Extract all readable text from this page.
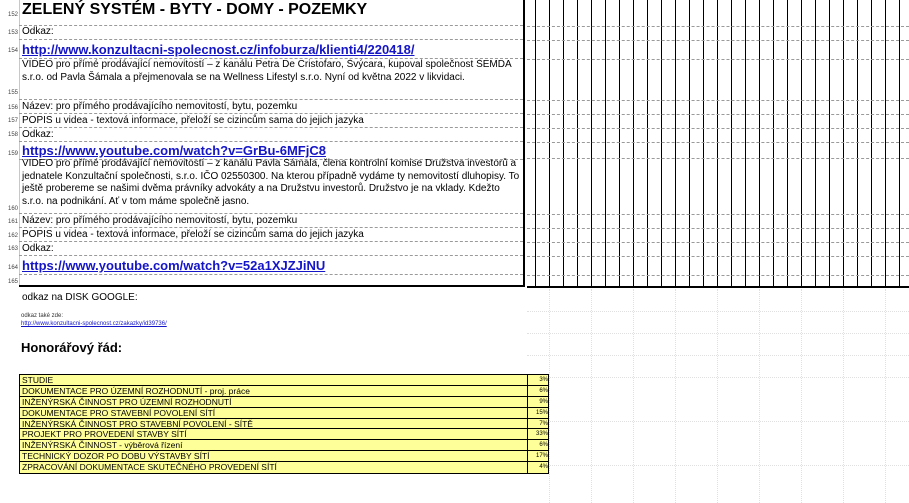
152
153
154
155
156
157
158
159
160
161
162
163
164
165
ZELENÝ SYSTÉM - BYTY - DOMY - POZEMKY
Odkaz:
http://www.konzultacni-spolecnost.cz/infoburza/klienti4/220418/
VIDEO pro přímé prodávající nemovitostí – z kanálu Petra De Cristofaro, Švýcara, kupoval společnost ŠEMDA s.r.o. od Pavla Šámala a přejmenovala se na Wellness Lifestyl s.r.o. Nyní od května 2022 v likvidaci.
Název: pro přímého prodávajícího nemovitostí, bytu, pozemku
POPIS u videa - textová informace, přeloží se cizincům sama do jejich jazyka
Odkaz:
https://www.youtube.com/watch?v=GrBu-6MFjC8
VIDEO pro přímé prodávající nemovitostí – z kanálu Pavla Šámala, člena kontrolní komise Družstva investorů a jednatele Konzultační společnosti, s.r.o. IČO 02550300. Na kterou případně vydáme ty nemovitostí dluhopisy. To ještě probereme se našimi dvěma právníky advokáty a na Družstvu investorů. Družstvo je na vklady. Kdežto s.r.o. na podnikání. Ať v tom máme společně jasno.
Název: pro přímého prodávajícího nemovitostí, bytu, pozemku
POPIS u videa - textová informace, přeloží se cizincům sama do jejich jazyka
Odkaz:
https://www.youtube.com/watch?v=52a1XJZJiNU
odkaz na DISK GOOGLE:
odkaz také zde:
http://www.konzultacni-spolecnost.cz/zakazky/id39736/
Honorářový řád:
STUDIE	3%
DOKUMENTACE PRO ÚZEMNÍ ROZHODNUTÍ - proj. práce	6%
INŽENÝRSKÁ ČINNOST PRO ÚZEMNÍ ROZHODNUTÍ	9%
DOKUMENTACE PRO STAVEBNÍ POVOLENÍ SÍTÍ	15%
INŽENÝRSKÁ ČINNOST PRO STAVEBNÍ POVOLENÍ - SÍTĚ	7%
PROJEKT PRO PROVEDENÍ STAVBY SÍTÍ	33%
INŽENÝRSKÁ ČINNOST - výběrová řízení	6%
TECHNICKÝ DOZOR PO DOBU VÝSTAVBY SÍTÍ	17%
ZPRACOVÁNÍ DOKUMENTACE SKUTEČNÉHO PROVEDENÍ SÍTÍ	4%
